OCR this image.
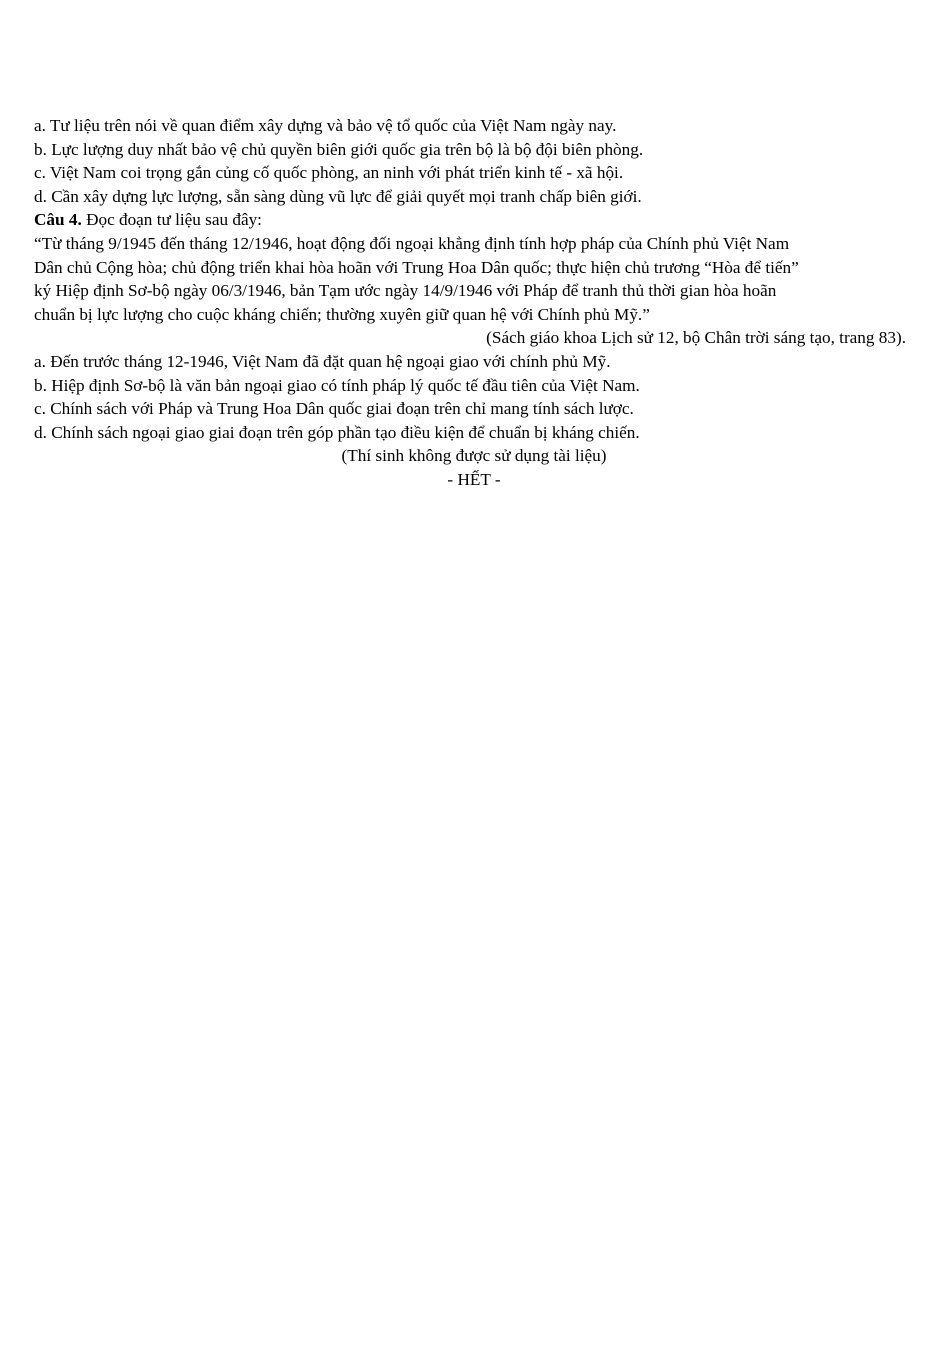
a. Tư liệu trên nói về quan điểm xây dựng và bảo vệ tổ quốc của Việt Nam ngày nay.
b. Lực lượng duy nhất bảo vệ chủ quyền biên giới quốc gia trên bộ là bộ đội biên phòng.
c. Việt Nam coi trọng gắn củng cố quốc phòng, an ninh với phát triển kinh tế - xã hội.
d. Cần xây dựng lực lượng, sẵn sàng dùng vũ lực để giải quyết mọi tranh chấp biên giới.
Câu 4. Đọc đoạn tư liệu sau đây:
“Từ tháng 9/1945 đến tháng 12/1946, hoạt động đối ngoại khẳng định tính hợp pháp của Chính phủ Việt Nam
Dân chủ Cộng hòa; chủ động triển khai hòa hoãn với Trung Hoa Dân quốc; thực hiện chủ trương “Hòa để tiến”
ký Hiệp định Sơ-bộ ngày 06/3/1946, bản Tạm ước ngày 14/9/1946 với Pháp để tranh thủ thời gian hòa hoãn
chuẩn bị lực lượng cho cuộc kháng chiến; thường xuyên giữ quan hệ với Chính phủ Mỹ.”
(Sách giáo khoa Lịch sử 12, bộ Chân trời sáng tạo, trang 83).
a. Đến trước tháng 12-1946, Việt Nam đã đặt quan hệ ngoại giao với chính phủ Mỹ.
b. Hiệp định Sơ-bộ là văn bản ngoại giao có tính pháp lý quốc tế đầu tiên của Việt Nam.
c. Chính sách với Pháp và Trung Hoa Dân quốc giai đoạn trên chỉ mang tính sách lược.
d. Chính sách ngoại giao giai đoạn trên góp phần tạo điều kiện để chuẩn bị kháng chiến.
(Thí sinh không được sử dụng tài liệu)
- HẾT -
